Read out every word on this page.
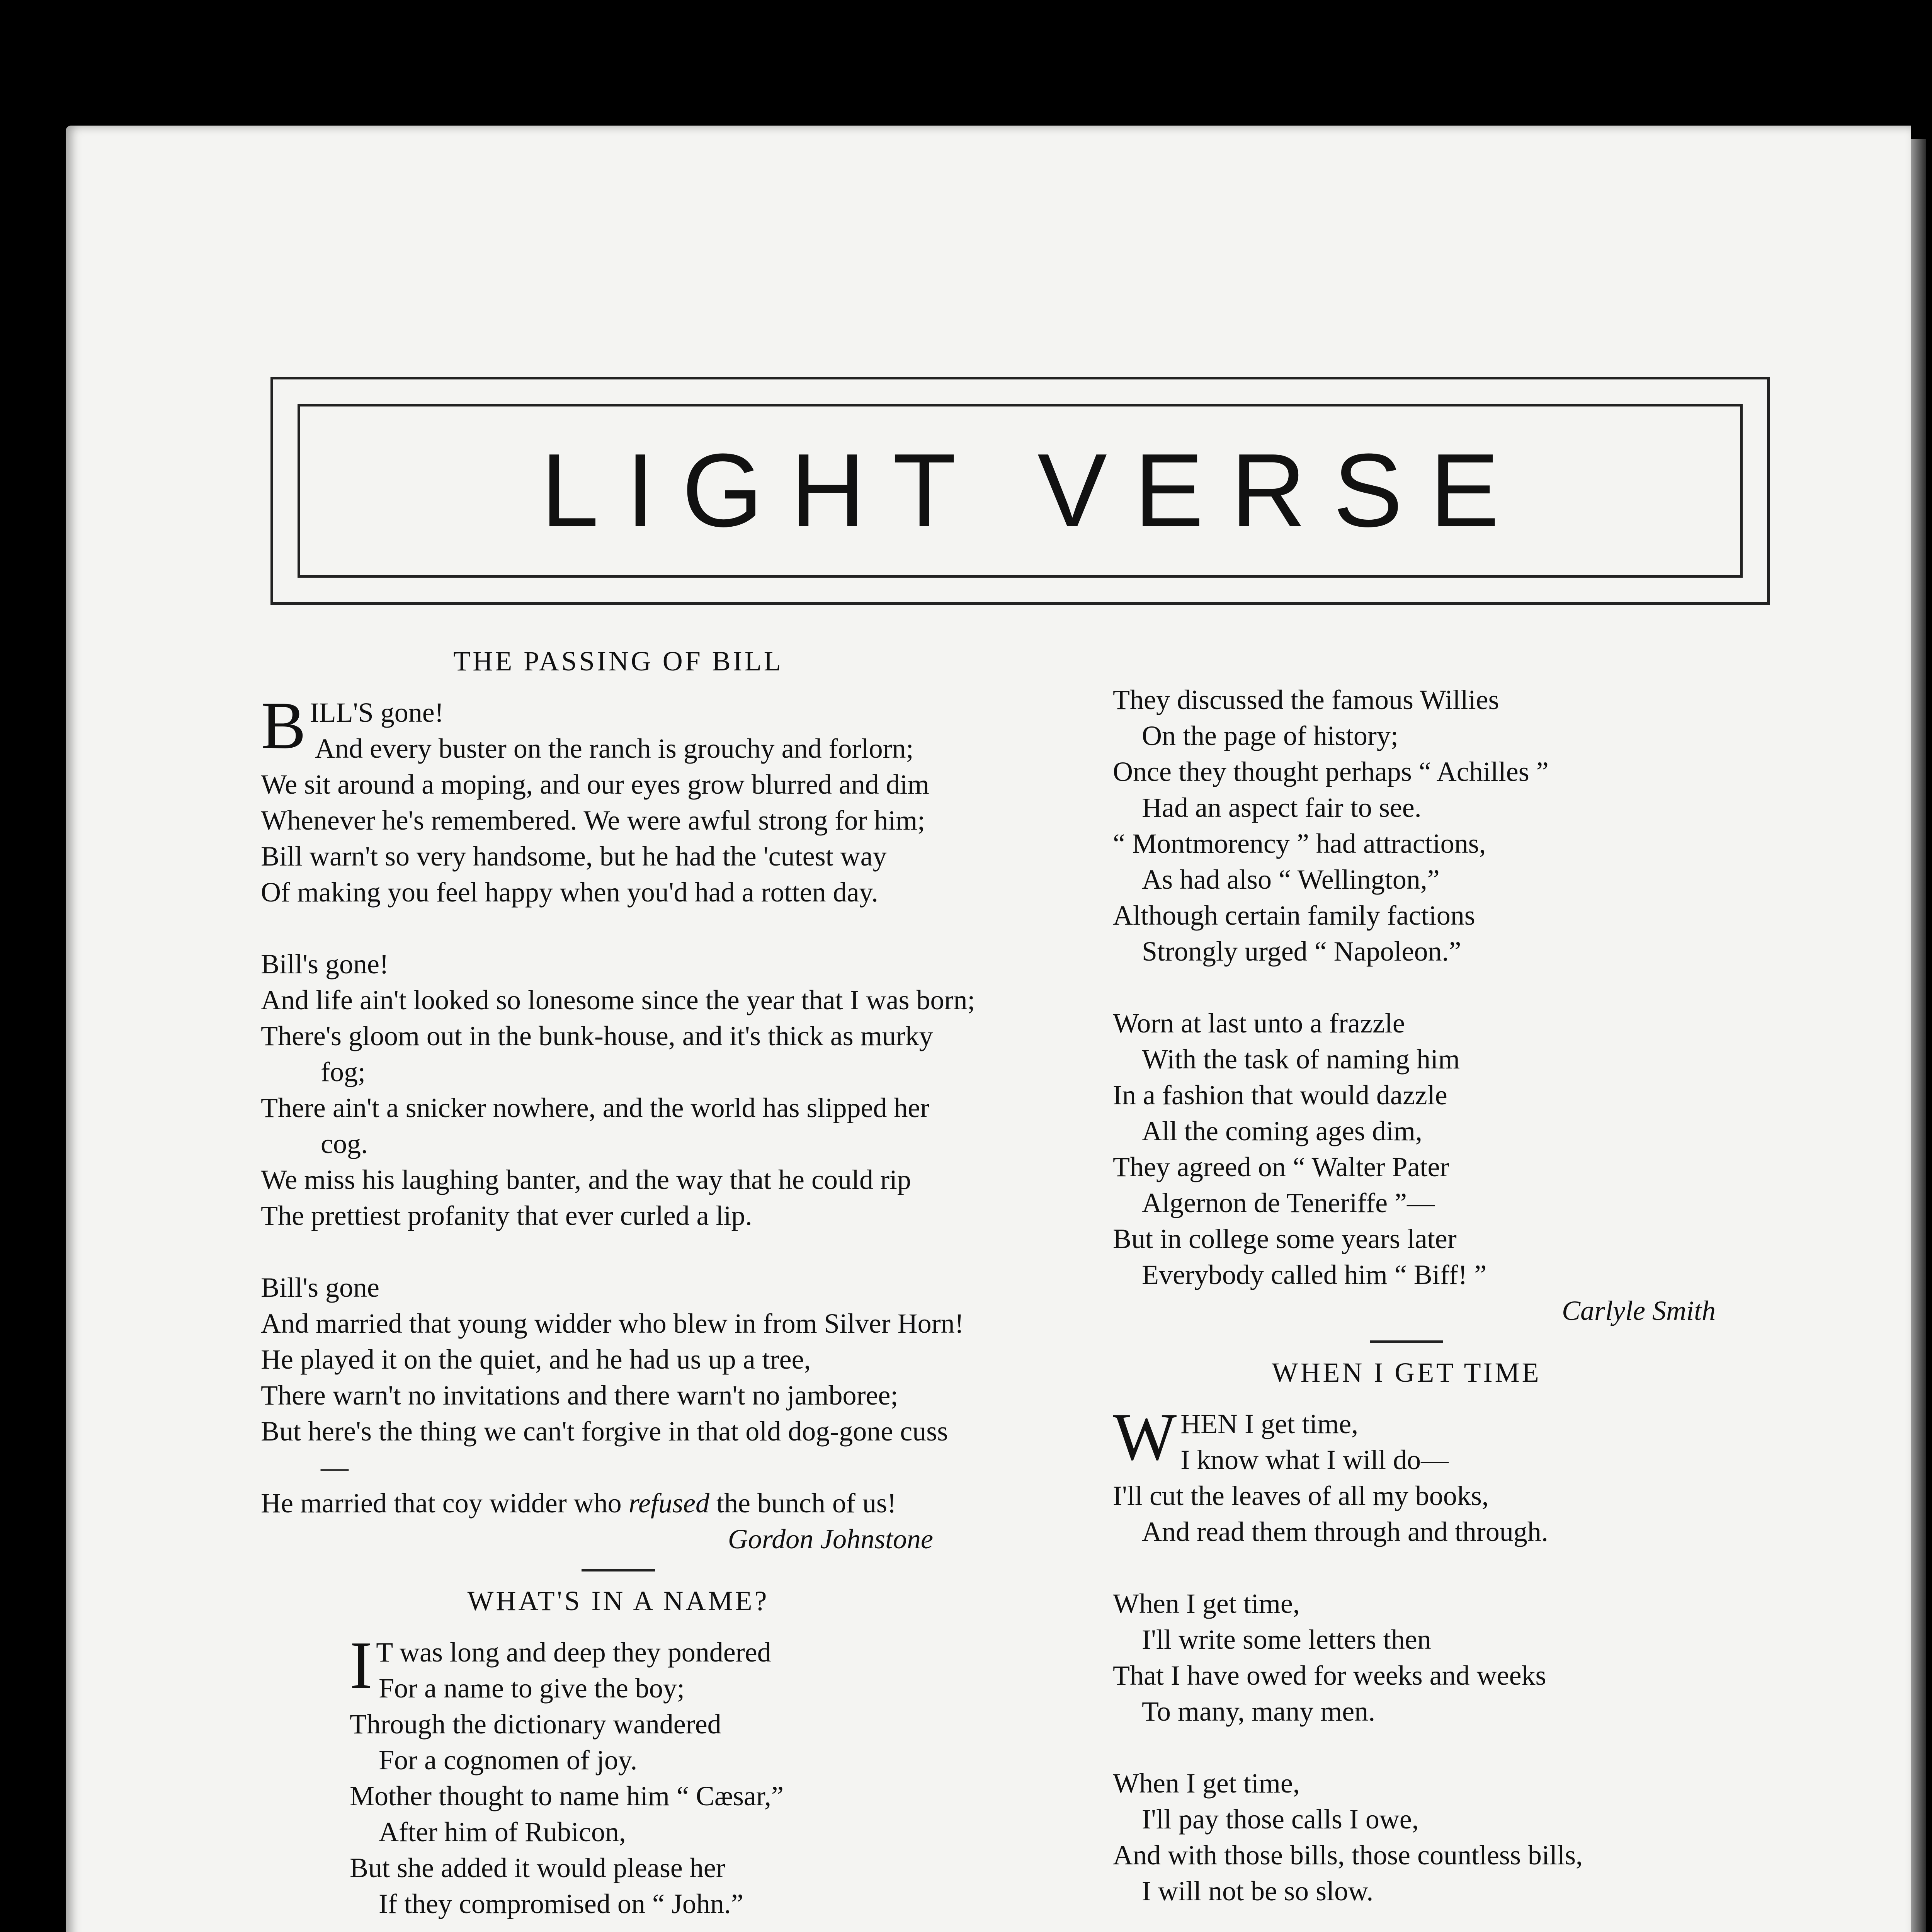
LIGHT VERSE
THE PASSING OF BILL
BILL'S gone!
And every buster on the ranch is grouchy and forlorn;
We sit around a moping, and our eyes grow blurred and dim
Whenever he's remembered. We were awful strong for him;
Bill warn't so very handsome, but he had the 'cutest way
Of making you feel happy when you'd had a rotten day.
Bill's gone!
And life ain't looked so lonesome since the year that I was born;
There's gloom out in the bunk-house, and it's thick as murky fog;
There ain't a snicker nowhere, and the world has slipped her cog.
We miss his laughing banter, and the way that he could rip
The prettiest profanity that ever curled a lip.
Bill's gone
And married that young widder who blew in from Silver Horn!
He played it on the quiet, and he had us up a tree,
There warn't no invitations and there warn't no jamboree;
But here's the thing we can't forgive in that old dog-gone cuss—
He married that coy widder who refused the bunch of us!
Gordon Johnstone
WHAT'S IN A NAME?
I T was long and deep they pondered
For a name to give the boy;
Through the dictionary wandered
For a cognomen of joy.
Mother thought to name him “ Cæsar,”
After him of Rubicon,
But she added it would please her
If they compromised on “ John.”
They discussed the famous Willies
On the page of history;
Once they thought perhaps “ Achilles ”
Had an aspect fair to see.
“ Montmorency ” had attractions,
As had also “ Wellington,”
Although certain family factions
Strongly urged “ Napoleon.”
Worn at last unto a frazzle
With the task of naming him
In a fashion that would dazzle
All the coming ages dim,
They agreed on “ Walter Pater
Algernon de Teneriffe ”—
But in college some years later
Everybody called him “ Biff! ”
Carlyle Smith
WHEN I GET TIME
WHEN I get time,
I know what I will do—
I'll cut the leaves of all my books,
And read them through and through.
When I get time,
I'll write some letters then
That I have owed for weeks and weeks
To many, many men.
When I get time,
I'll pay those calls I owe,
And with those bills, those countless bills,
I will not be so slow.
